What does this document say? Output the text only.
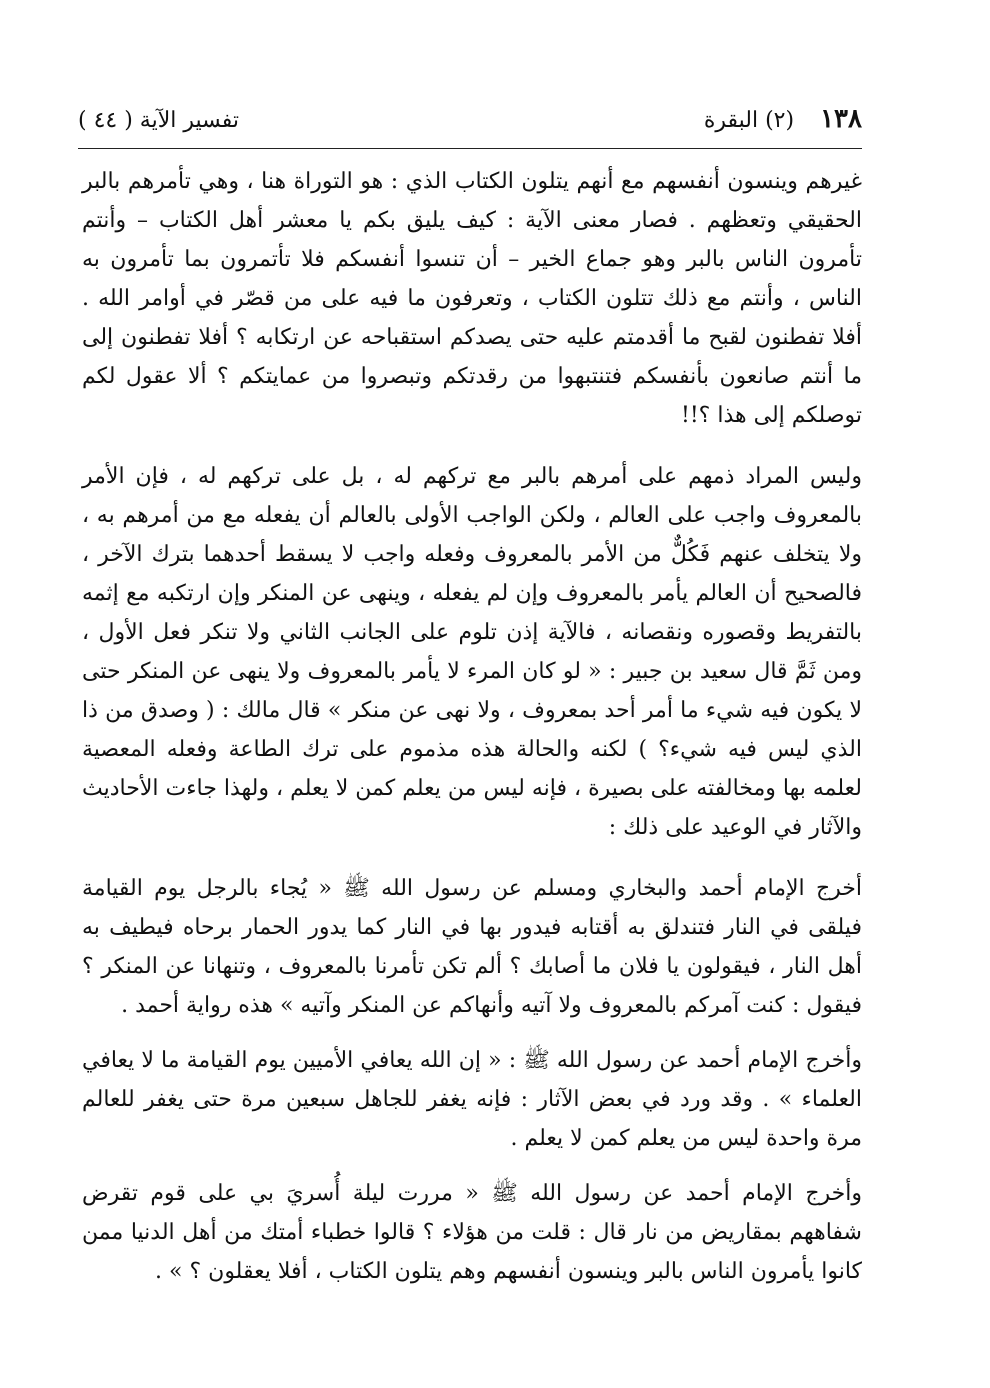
١٣٨
(٢) البقرة
تفسير الآية ( ٤٤ )

غيرهم وينسون أنفسهم مع أنهم يتلون الكتاب الذي : هو التوراة هنا ، وهي تأمرهم بالبر الحقيقي وتعظهم . فصار معنى الآية : كيف يليق بكم يا معشر أهل الكتاب – وأنتم تأمرون الناس بالبر وهو جماع الخير – أن تنسوا أنفسكم فلا تأتمرون بما تأمرون به الناس ، وأنتم مع ذلك تتلون الكتاب ، وتعرفون ما فيه على من قصّر في أوامر الله . أفلا تفطنون لقبح ما أقدمتم عليه حتى يصدكم استقباحه عن ارتكابه ؟ أفلا تفطنون إلى ما أنتم صانعون بأنفسكم فتنتبهوا من رقدتكم وتبصروا من عمايتكم ؟ ألا عقول لكم توصلكم إلى هذا ؟!!

وليس المراد ذمهم على أمرهم بالبر مع تركهم له ، بل على تركهم له ، فإن الأمر بالمعروف واجب على العالم ، ولكن الواجب الأولى بالعالم أن يفعله مع من أمرهم به ، ولا يتخلف عنهم فَكُلٌّ من الأمر بالمعروف وفعله واجب لا يسقط أحدهما بترك الآخر ، فالصحيح أن العالم يأمر بالمعروف وإن لم يفعله ، وينهى عن المنكر وإن ارتكبه مع إثمه بالتفريط وقصوره ونقصانه ، فالآية إذن تلوم على الجانب الثاني ولا تنكر فعل الأول ، ومن ثَمَّ قال سعيد بن جبير : « لو كان المرء لا يأمر بالمعروف ولا ينهى عن المنكر حتى لا يكون فيه شيء ما أمر أحد بمعروف ، ولا نهى عن منكر » قال مالك : ( وصدق من ذا الذي ليس فيه شيء؟ ) لكنه والحالة هذه مذموم على ترك الطاعة وفعله المعصية لعلمه بها ومخالفته على بصيرة ، فإنه ليس من يعلم كمن لا يعلم ، ولهذا جاءت الأحاديث والآثار في الوعيد على ذلك :

أخرج الإمام أحمد والبخاري ومسلم عن رسول الله ﷺ « يُجاء بالرجل يوم القيامة فيلقى في النار فتندلق به أقتابه فيدور بها في النار كما يدور الحمار برحاه فيطيف به أهل النار ، فيقولون يا فلان ما أصابك ؟ ألم تكن تأمرنا بالمعروف ، وتنهانا عن المنكر ؟ فيقول : كنت آمركم بالمعروف ولا آتيه وأنهاكم عن المنكر وآتيه » هذه رواية أحمد .

وأخرج الإمام أحمد عن رسول الله ﷺ : « إن الله يعافي الأميين يوم القيامة ما لا يعافي العلماء » . وقد ورد في بعض الآثار : فإنه يغفر للجاهل سبعين مرة حتى يغفر للعالم مرة واحدة ليس من يعلم كمن لا يعلم .

وأخرج الإمام أحمد عن رسول الله ﷺ « مررت ليلة أُسريَ بي على قوم تقرض شفاههم بمقاريض من نار قال : قلت من هؤلاء ؟ قالوا خطباء أمتك من أهل الدنيا ممن كانوا يأمرون الناس بالبر وينسون أنفسهم وهم يتلون الكتاب ، أفلا يعقلون ؟ » .
